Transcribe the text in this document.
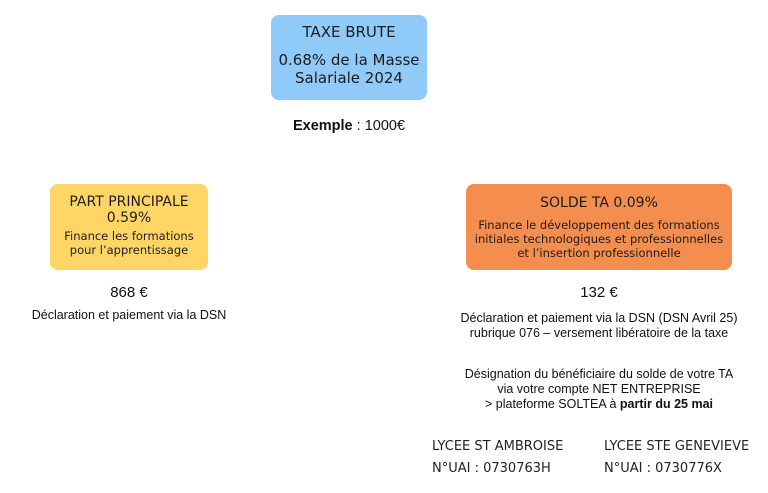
TAXE BRUTE
0.68% de la Masse
Salariale 2024
Exemple : 1000€
PART PRINCIPALE
0.59%
Finance les formations
pour l’apprentissage
868 €
Déclaration et paiement via la DSN
SOLDE TA 0.09%
Finance le développement des formations
initiales technologiques et professionnelles
et l’insertion professionnelle
132 €
Déclaration et paiement via la DSN (DSN Avril 25)
rubrique 076 – versement libératoire de la taxe
Désignation du bénéficiaire du solde de votre TA
via votre compte NET ENTREPRISE
> plateforme SOLTEA à partir du 25 mai
LYCEE ST AMBROISE
N°UAI : 0730763H
LYCEE STE GENEVIEVE
N°UAI : 0730776X
